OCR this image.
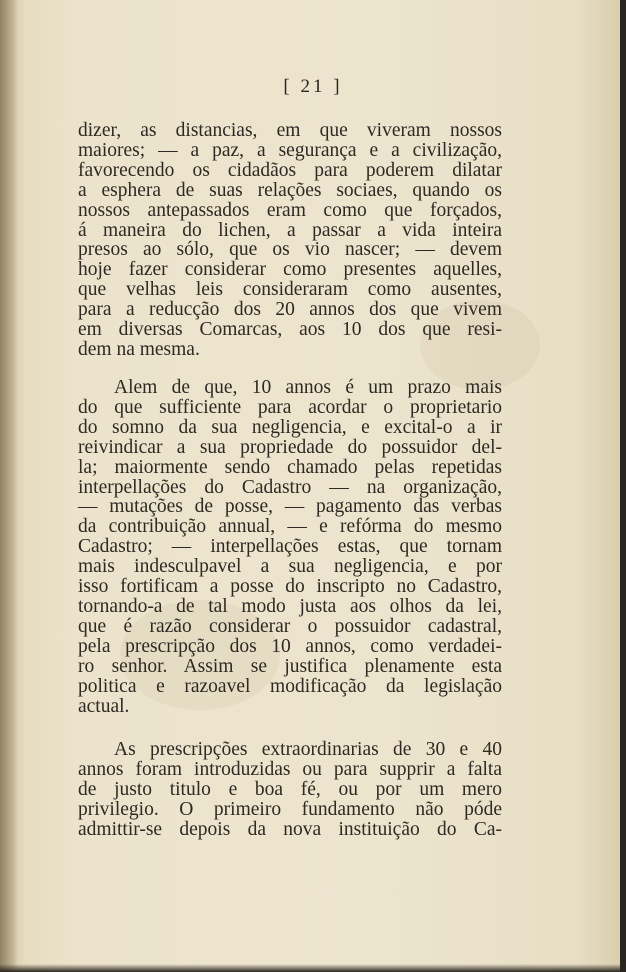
[ 21 ]
dizer, as distancias, em que viveram nossos
maiores; — a paz, a segurança e a civilização,
favorecendo os cidadãos para poderem dilatar
a esphera de suas relações sociaes, quando os
nossos antepassados eram como que forçados,
á maneira do lichen, a passar a vida inteira
presos ao sólo, que os vio nascer; — devem
hoje fazer considerar como presentes aquelles,
que velhas leis consideraram como ausentes,
para a reducção dos 20 annos dos que vivem
em diversas Comarcas, aos 10 dos que resi-
dem na mesma.
Alem de que, 10 annos é um prazo mais
do que sufficiente para acordar o proprietario
do somno da sua negligencia, e excital-o a ir
reivindicar a sua propriedade do possuidor del-
la; maiormente sendo chamado pelas repetidas
interpellações do Cadastro — na organização,
— mutações de posse, — pagamento das verbas
da contribuição annual, — e refórma do mesmo
Cadastro; — interpellações estas, que tornam
mais indesculpavel a sua negligencia, e por
isso fortificam a posse do inscripto no Cadastro,
tornando-a de tal modo justa aos olhos da lei,
que é razão considerar o possuidor cadastral,
pela prescripção dos 10 annos, como verdadei-
ro senhor. Assim se justifica plenamente esta
politica e razoavel modificação da legislação
actual.
As prescripções extraordinarias de 30 e 40
annos foram introduzidas ou para supprir a falta
de justo titulo e boa fé, ou por um mero
privilegio. O primeiro fundamento não póde
admittir-se depois da nova instituição do Ca-
